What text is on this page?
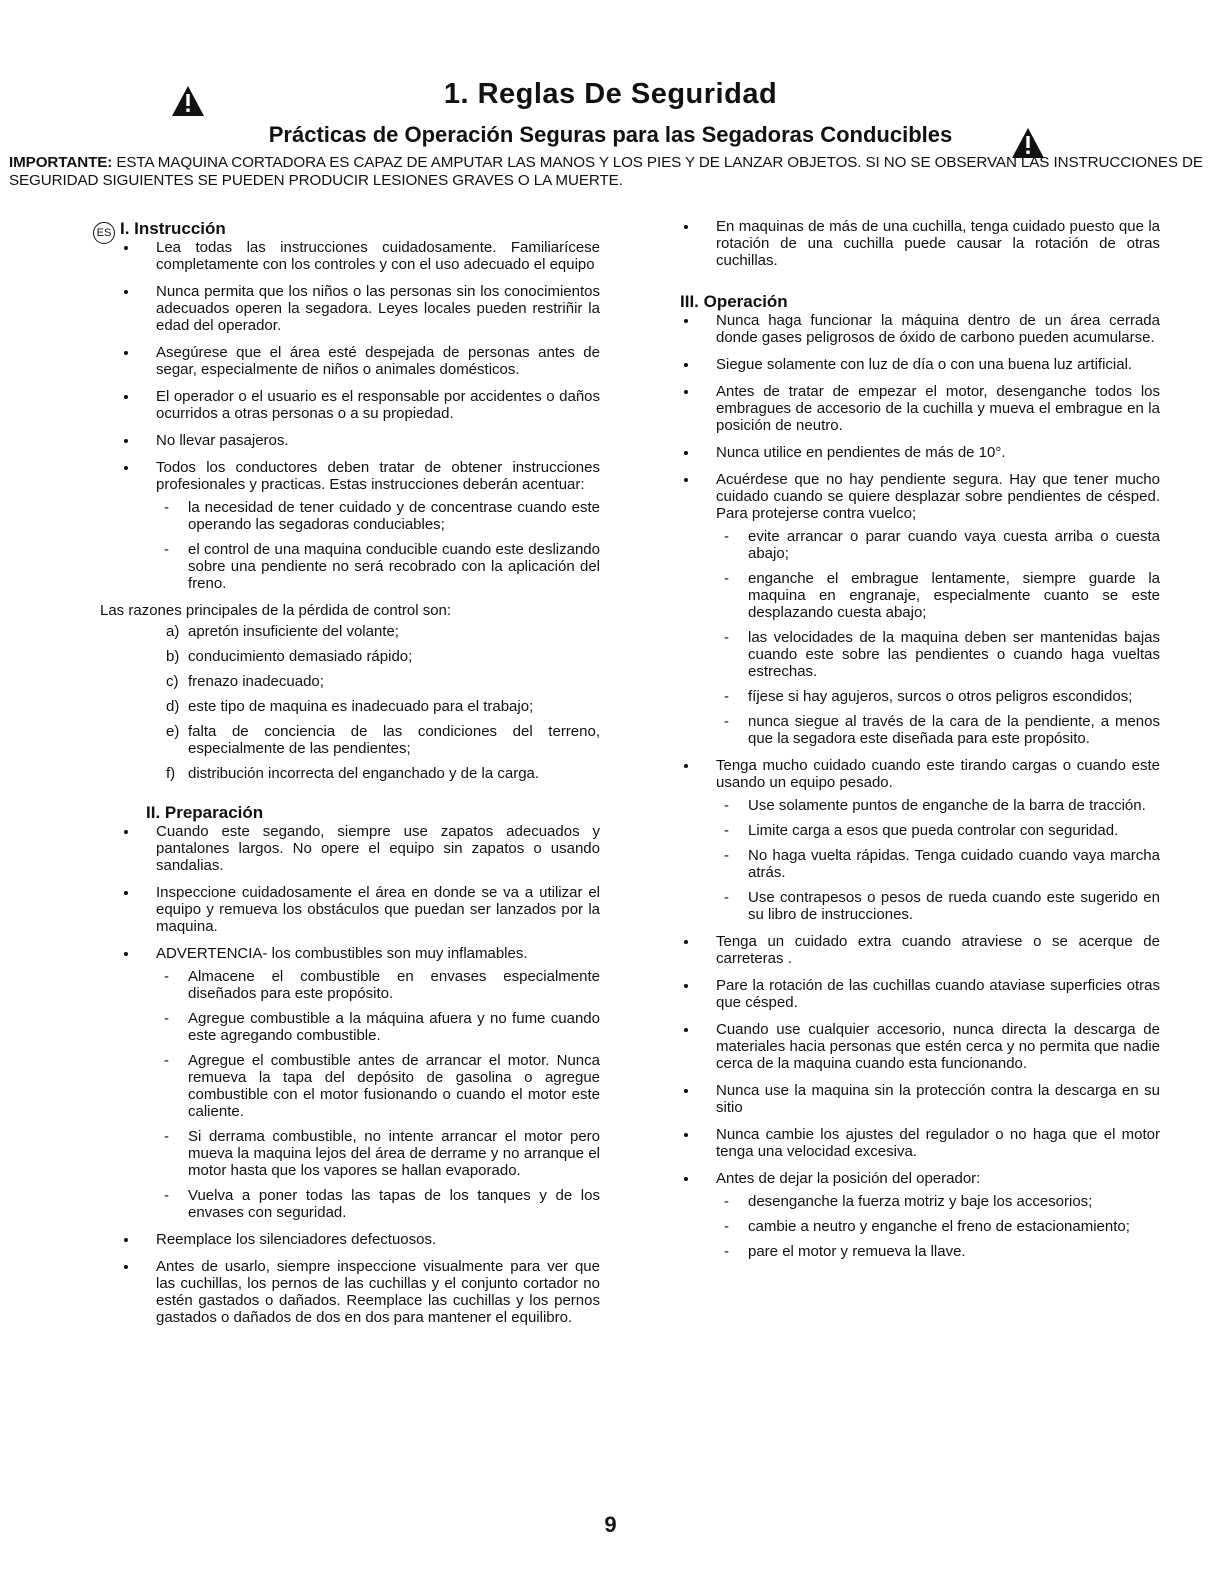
1. Reglas De Seguridad
Prácticas de Operación Seguras para las Segadoras Conducibles

IMPORTANTE: ESTA MAQUINA CORTADORA ES CAPAZ DE AMPUTAR LAS MANOS Y LOS PIES Y DE LANZAR OBJETOS. SI NO SE OBSERVAN LAS INSTRUCCIONES DE SEGURIDAD SIGUIENTES SE PUEDEN PRODUCIR LESIONES GRAVES O LA MUERTE.

ES I. Instrucción
Lea todas las instrucciones cuidadosamente. Familiarícese completamente con los controles y con el uso adecuado el equipo
Nunca permita que los niños o las personas sin los conocimientos adecuados operen la segadora. Leyes locales pueden restriñir la edad del operador.
Asegúrese que el área esté despejada de personas antes de segar, especialmente de niños o animales domésticos.
El operador o el usuario es el responsable por accidentes o daños ocurridos a otras personas o a su propiedad.
No llevar pasajeros.
Todos los conductores deben tratar de obtener instrucciones profesionales y practicas. Estas instrucciones deberán acentuar:
- la necesidad de tener cuidado y de concentrase cuando este operando las segadoras conduciables;
- el control de una maquina conducible cuando este deslizando sobre una pendiente no será recobrado con la aplicación del freno.

Las razones principales de la pérdida de control son:

a) apretón insuficiente del volante;
b) conducimiento demasiado rápido;
c) frenazo inadecuado;
d) este tipo de maquina es inadecuado para el trabajo;
e) falta de conciencia de las condiciones del terreno, especialmente de las pendientes;
f) distribución incorrecta del enganchado y de la carga.
II. Preparación
Cuando este segando, siempre use zapatos adecuados y pantalones largos. No opere el equipo sin zapatos o usando sandalias.
Inspeccione cuidadosamente el área en donde se va a utilizar el equipo y remueva los obstáculos que puedan ser lanzados por la maquina.
ADVERTENCIA- los combustibles son muy inflamables.
- Almacene el combustible en envases especialmente diseñados para este propósito.
- Agregue combustible a la máquina afuera y no fume cuando este agregando combustible.
- Agregue el combustible antes de arrancar el motor. Nunca remueva la tapa del depósito de gasolina o agregue combustible con el motor fusionando o cuando el motor este caliente.
- Si derrama combustible, no intente arrancar el motor pero mueva la maquina lejos del área de derrame y no arranque el motor hasta que los vapores se hallan evaporado.
- Vuelva a poner todas las tapas de los tanques y de los envases con seguridad.
Reemplace los silenciadores defectuosos.
Antes de usarlo, siempre inspeccione visualmente para ver que las cuchillas, los pernos de las cuchillas y el conjunto cortador no estén gastados o dañados. Reemplace las cuchillas y los pernos gastados o dañados de dos en dos para mantener el equilibro.
En maquinas de más de una cuchilla, tenga cuidado puesto que la rotación de una cuchilla puede causar la rotación de otras cuchillas.
III. Operación
Nunca haga funcionar la máquina dentro de un área cerrada donde gases peligrosos de óxido de carbono pueden acumularse.
Siegue solamente con luz de día o con una buena luz artificial.
Antes de tratar de empezar el motor, desenganche todos los embragues de accesorio de la cuchilla y mueva el embrague en la posición de neutro.
Nunca utilice en pendientes de más de 10°.
Acuérdese que no hay pendiente segura. Hay que tener mucho cuidado cuando se quiere desplazar sobre pendientes de césped. Para protejerse contra vuelco;
- evite arrancar o parar cuando vaya cuesta arriba o cuesta abajo;
- enganche el embrague lentamente, siempre guarde la maquina en engranaje, especialmente cuanto se este desplazando cuesta abajo;
- las velocidades de la maquina deben ser mantenidas bajas cuando este sobre las pendientes o cuando haga vueltas estrechas.
- fíjese si hay agujeros, surcos o otros peligros escondidos;
- nunca siegue al través de la cara de la pendiente, a menos que la segadora este diseñada para este propósito.
Tenga mucho cuidado cuando este tirando cargas o cuando este usando un equipo pesado.
- Use solamente puntos de enganche de la barra de tracción.
- Limite carga a esos que pueda controlar con seguridad.
- No haga vuelta rápidas. Tenga cuidado cuando vaya marcha atrás.
- Use contrapesos o pesos de rueda cuando este sugerido en su libro de instrucciones.
Tenga un cuidado extra cuando atraviese o se acerque de carreteras .
Pare la rotación de las cuchillas cuando ataviase superficies otras que césped.
Cuando use cualquier accesorio, nunca directa la descarga de materiales hacia personas que estén cerca y no permita que nadie cerca de la maquina cuando esta funcionando.
Nunca use la maquina sin la protección contra la descarga en su sitio
Nunca cambie los ajustes del regulador o no haga que el motor tenga una velocidad excesiva.
Antes de dejar la posición del operador:
- desenganche la fuerza motriz y baje los accesorios;
- cambie a neutro y enganche el freno de estacionamiento;
- pare el motor y remueva la llave.
9
